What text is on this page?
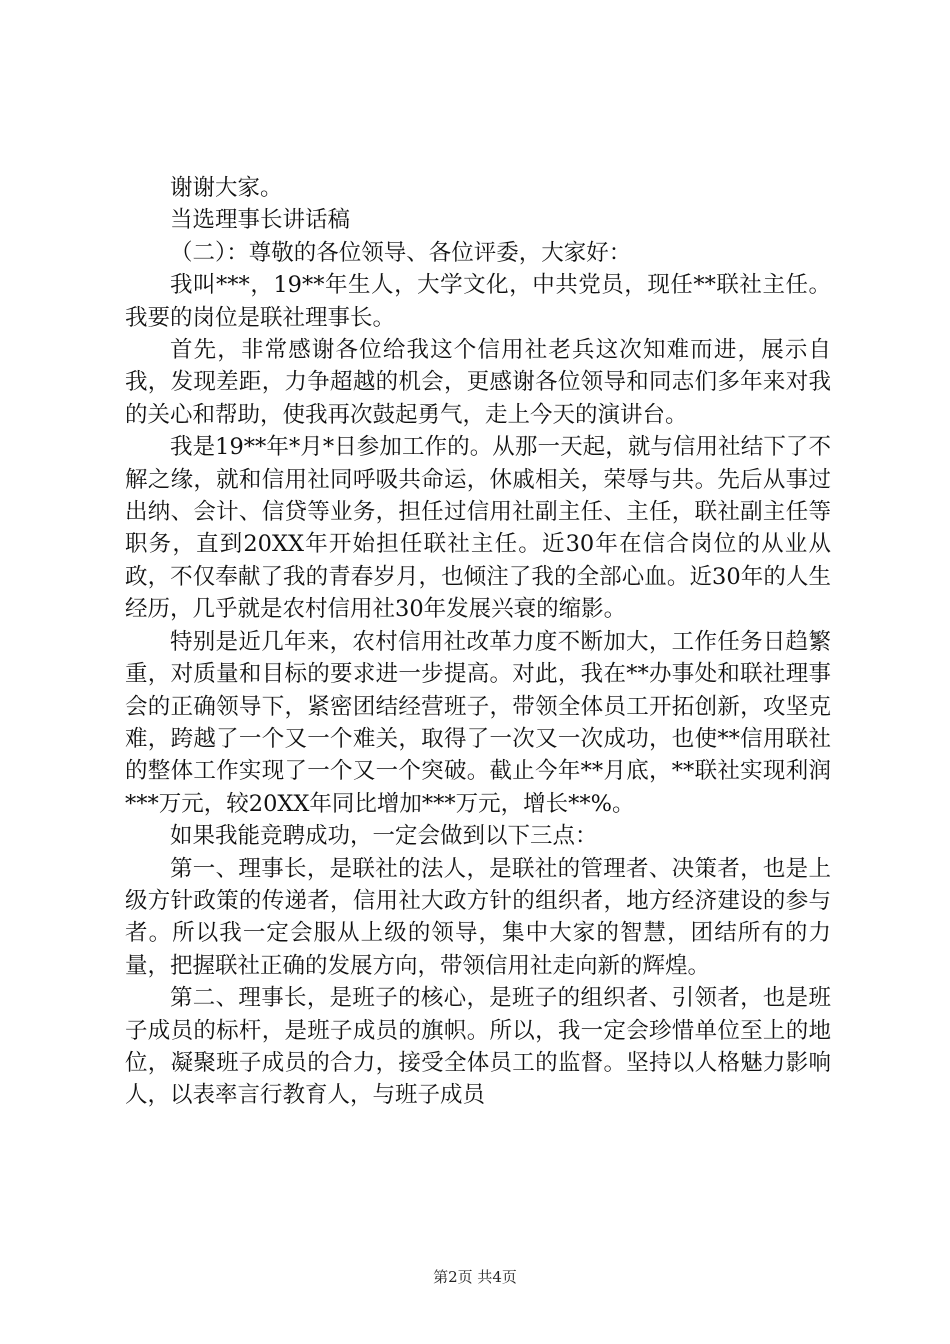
谢谢大家。

当选理事长讲话稿

（二）：尊敬的各位领导、各位评委，大家好：

我叫***，19**年生人，大学文化，中共党员，现任**联社主任。我要的岗位是联社理事长。

首先，非常感谢各位给我这个信用社老兵这次知难而进，展示自我，发现差距，力争超越的机会，更感谢各位领导和同志们多年来对我的关心和帮助，使我再次鼓起勇气，走上今天的演讲台。

我是19**年*月*日参加工作的。从那一天起，就与信用社结下了不解之缘，就和信用社同呼吸共命运，休戚相关，荣辱与共。先后从事过出纳、会计、信贷等业务，担任过信用社副主任、主任，联社副主任等职务，直到20XX年开始担任联社主任。近30年在信合岗位的从业从政，不仅奉献了我的青春岁月，也倾注了我的全部心血。近30年的人生经历，几乎就是农村信用社30年发展兴衰的缩影。

特别是近几年来，农村信用社改革力度不断加大，工作任务日趋繁重，对质量和目标的要求进一步提高。对此，我在**办事处和联社理事会的正确领导下，紧密团结经营班子，带领全体员工开拓创新，攻坚克难，跨越了一个又一个难关，取得了一次又一次成功，也使**信用联社的整体工作实现了一个又一个突破。截止今年**月底，**联社实现利润***万元，较20XX年同比增加***万元，增长**%。

如果我能竞聘成功，一定会做到以下三点：

第一、理事长，是联社的法人，是联社的管理者、决策者，也是上级方针政策的传递者，信用社大政方针的组织者，地方经济建设的参与者。所以我一定会服从上级的领导，集中大家的智慧，团结所有的力量，把握联社正确的发展方向，带领信用社走向新的辉煌。

第二、理事长，是班子的核心，是班子的组织者、引领者，也是班子成员的标杆，是班子成员的旗帜。所以，我一定会珍惜单位至上的地位，凝聚班子成员的合力，接受全体员工的监督。坚持以人格魅力影响人，以表率言行教育人，与班子成员

第2页 共4页
